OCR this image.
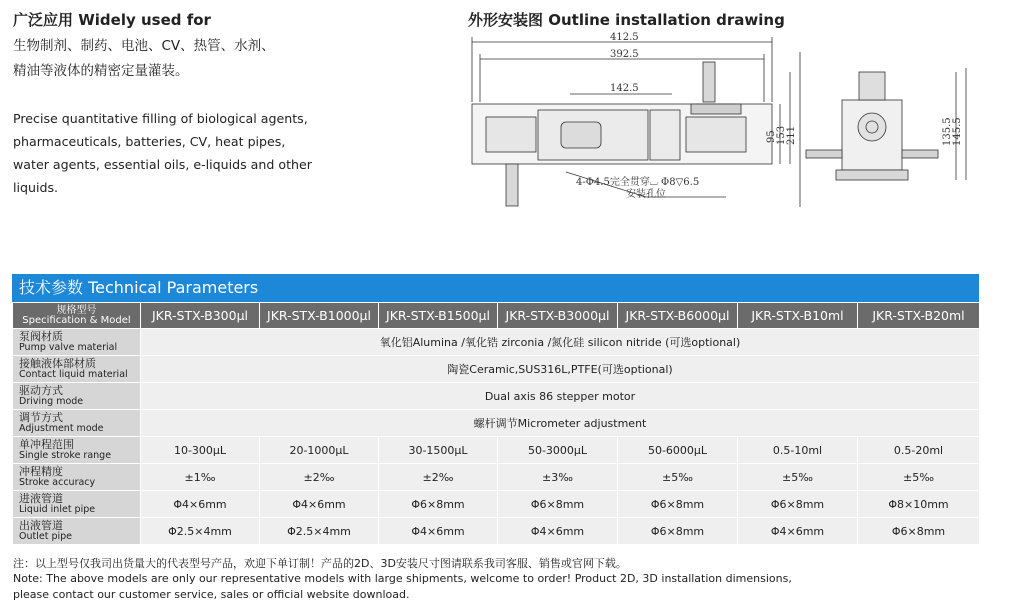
广泛应用 Widely used for
生物制剂、制药、电池、CV、热管、水剂、
精油等液体的精密定量灌装。
Precise quantitative filling of biological agents, pharmaceuticals, batteries, CV, heat pipes, water agents, essential oils, e-liquids and other liquids.
外形安装图 Outline installation drawing
412.5
392.5
142.5
95 153 211	135.5 145.5
4-Φ4.5完全贯穿⌴ Φ8▽6.5
安装孔位
技术参数 Technical Parameters
规格型号
Specification & Model	JKR-STX-B300µl	JKR-STX-B1000µl	JKR-STX-B1500µl	JKR-STX-B3000µl	JKR-STX-B6000µl	JKR-STX-B10ml	JKR-STX-B20ml

泵阀材质
Pump valve material	氧化铝Alumina /氧化锆 zirconia /氮化硅 silicon nitride (可选optional)						

接触液体部材质
Contact liquid material	陶瓷Ceramic,SUS316L,PTFE(可选optional)						

驱动方式
Driving mode	Dual axis 86 stepper motor						

调节方式
Adjustment mode	螺杆调节Micrometer adjustment						

单冲程范围
Single stroke range	10-300µL	20-1000µL	30-1500µL	50-3000µL	50-6000µL	0.5-10ml	0.5-20ml

冲程精度
Stroke accuracy	±1‰	±2‰	±2‰	±3‰	±5‰	±5‰	±5‰

进液管道
Liquid inlet pipe	Φ4×6mm	Φ4×6mm	Φ6×8mm	Φ6×8mm	Φ6×8mm	Φ6×8mm	Φ8×10mm

出液管道
Outlet pipe	Φ2.5×4mm	Φ2.5×4mm	Φ4×6mm	Φ4×6mm	Φ6×8mm	Φ4×6mm	Φ6×8mm
注：以上型号仅我司出货量大的代表型号产品，欢迎下单订制！产品的2D、3D安装尺寸图请联系我司客服、销售或官网下载。
Note: The above models are only our representative models with large shipments, welcome to order! Product 2D, 3D installation dimensions,
please contact our customer service, sales or official website download.
